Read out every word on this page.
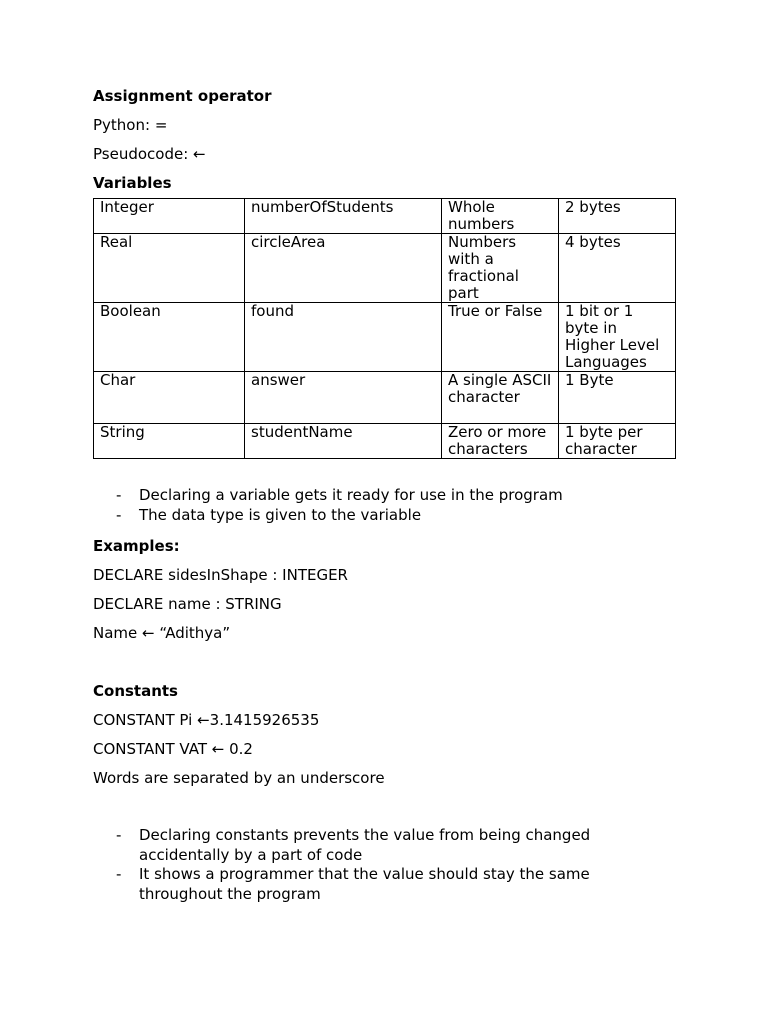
Assignment operator

Python: =

Pseudocode: ←

Variables

Integer	numberOfStudents	Whole numbers	2 bytes
Real	circleArea	Numbers with a fractional part	4 bytes
Boolean	found	True or False	1 bit or 1 byte in Higher Level Languages
Char	answer	A single ASCII character	1 Byte
String	studentName	Zero or more characters	1 byte per character
- Declaring a variable gets it ready for use in the program
- The data type is given to the variable

Examples:

DECLARE sidesInShape : INTEGER

DECLARE name : STRING

Name ← “Adithya”

Constants

CONSTANT Pi ←3.1415926535

CONSTANT VAT ← 0.2

Words are separated by an underscore

- Declaring constants prevents the value from being changed accidentally by a part of code
- It shows a programmer that the value should stay the same throughout the program
